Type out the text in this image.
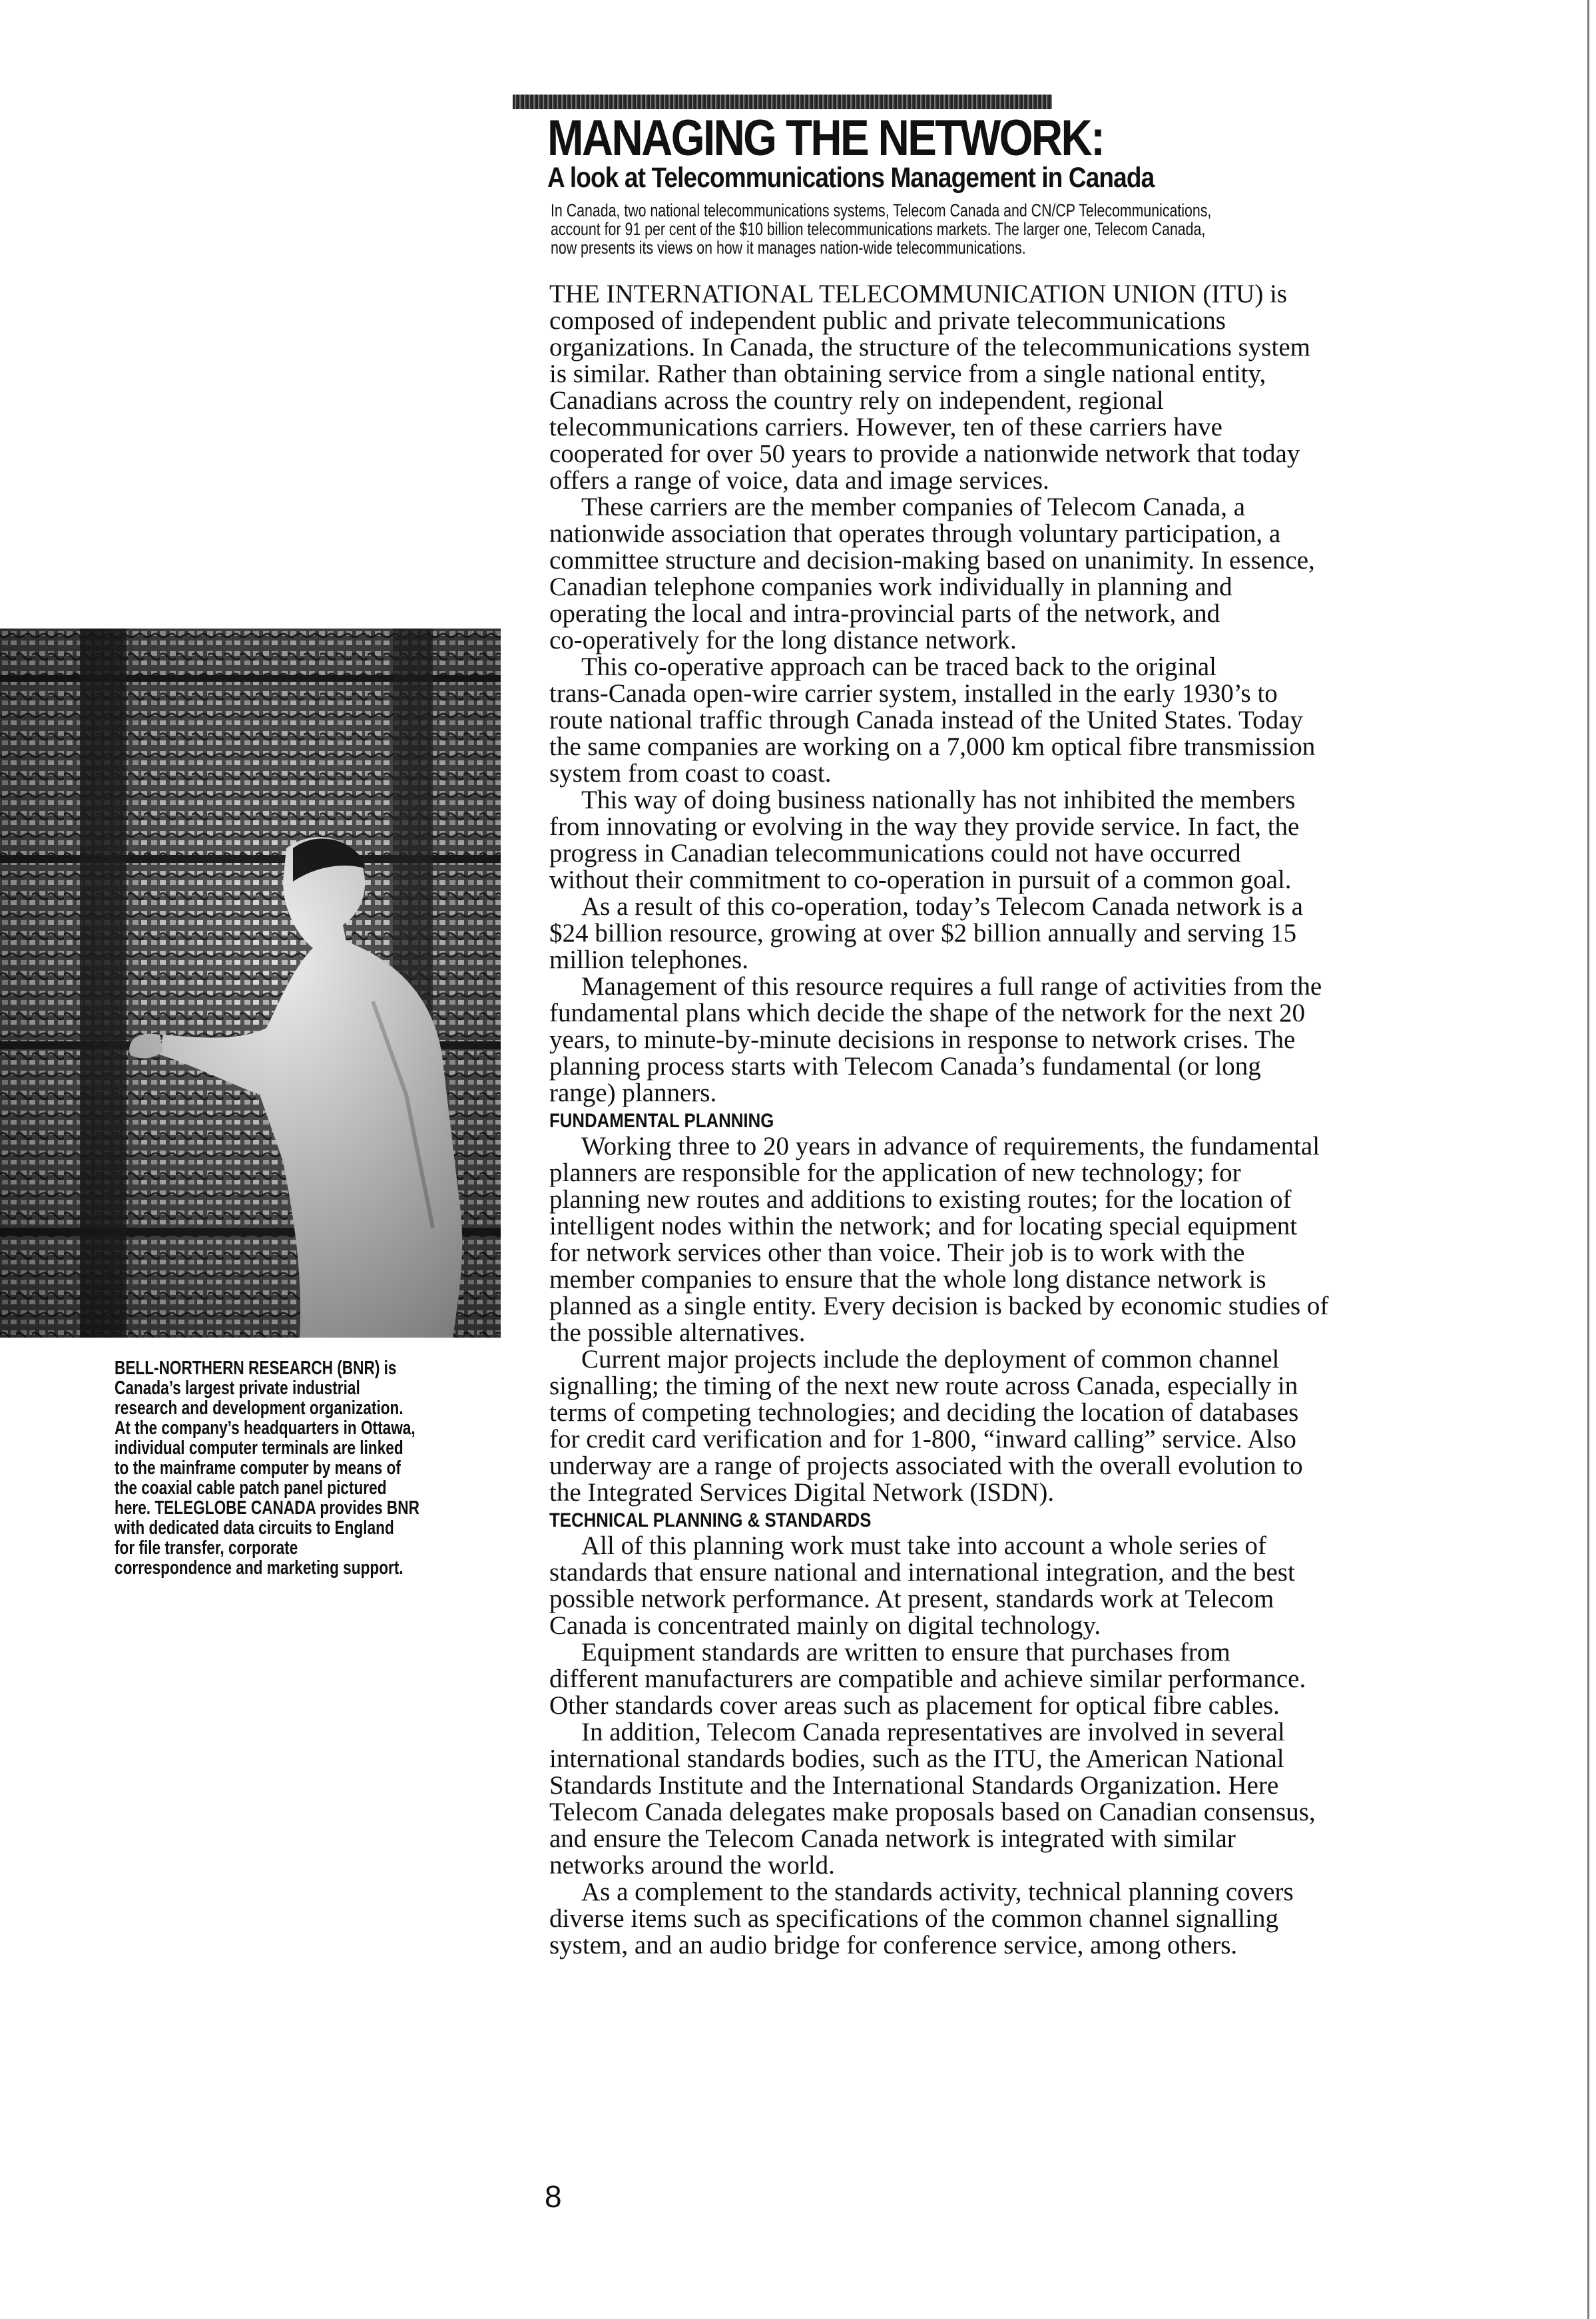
MANAGING THE NETWORK:
A look at Telecommunications Management in Canada

In Canada, two national telecommunications systems, Telecom Canada and CN/CP Telecommunications,
account for 91 per cent of the $10 billion telecommunications markets. The larger one, Telecom Canada,
now presents its views on how it manages nation-wide telecommunications.

THE INTERNATIONAL TELECOMMUNICATION UNION (ITU) is
composed of independent public and private telecommunications
organizations. In Canada, the structure of the telecommunications system
is similar. Rather than obtaining service from a single national entity,
Canadians across the country rely on independent, regional
telecommunications carriers. However, ten of these carriers have
cooperated for over 50 years to provide a nationwide network that today
offers a range of voice, data and image services.
These carriers are the member companies of Telecom Canada, a
nationwide association that operates through voluntary participation, a
committee structure and decision-making based on unanimity. In essence,
Canadian telephone companies work individually in planning and
operating the local and intra-provincial parts of the network, and
co-operatively for the long distance network.
This co-operative approach can be traced back to the original
trans-Canada open-wire carrier system, installed in the early 1930’s to
route national traffic through Canada instead of the United States. Today
the same companies are working on a 7,000 km optical fibre transmission
system from coast to coast.
This way of doing business nationally has not inhibited the members
from innovating or evolving in the way they provide service. In fact, the
progress in Canadian telecommunications could not have occurred
without their commitment to co-operation in pursuit of a common goal.
As a result of this co-operation, today’s Telecom Canada network is a
$24 billion resource, growing at over $2 billion annually and serving 15
million telephones.
Management of this resource requires a full range of activities from the
fundamental plans which decide the shape of the network for the next 20
years, to minute-by-minute decisions in response to network crises. The
planning process starts with Telecom Canada’s fundamental (or long
range) planners.
FUNDAMENTAL PLANNING
Working three to 20 years in advance of requirements, the fundamental
planners are responsible for the application of new technology; for
planning new routes and additions to existing routes; for the location of
intelligent nodes within the network; and for locating special equipment
for network services other than voice. Their job is to work with the
member companies to ensure that the whole long distance network is
planned as a single entity. Every decision is backed by economic studies of
the possible alternatives.
Current major projects include the deployment of common channel
signalling; the timing of the next new route across Canada, especially in
terms of competing technologies; and deciding the location of databases
for credit card verification and for 1-800, “inward calling” service. Also
underway are a range of projects associated with the overall evolution to
the Integrated Services Digital Network (ISDN).
TECHNICAL PLANNING & STANDARDS
All of this planning work must take into account a whole series of
standards that ensure national and international integration, and the best
possible network performance. At present, standards work at Telecom
Canada is concentrated mainly on digital technology.
Equipment standards are written to ensure that purchases from
different manufacturers are compatible and achieve similar performance.
Other standards cover areas such as placement for optical fibre cables.
In addition, Telecom Canada representatives are involved in several
international standards bodies, such as the ITU, the American National
Standards Institute and the International Standards Organization. Here
Telecom Canada delegates make proposals based on Canadian consensus,
and ensure the Telecom Canada network is integrated with similar
networks around the world.
As a complement to the standards activity, technical planning covers
diverse items such as specifications of the common channel signalling
system, and an audio bridge for conference service, among others.

BELL-NORTHERN RESEARCH (BNR) is
Canada’s largest private industrial
research and development organization.
At the company’s headquarters in Ottawa,
individual computer terminals are linked
to the mainframe computer by means of
the coaxial cable patch panel pictured
here. TELEGLOBE CANADA provides BNR
with dedicated data circuits to England
for file transfer, corporate
correspondence and marketing support.

8
